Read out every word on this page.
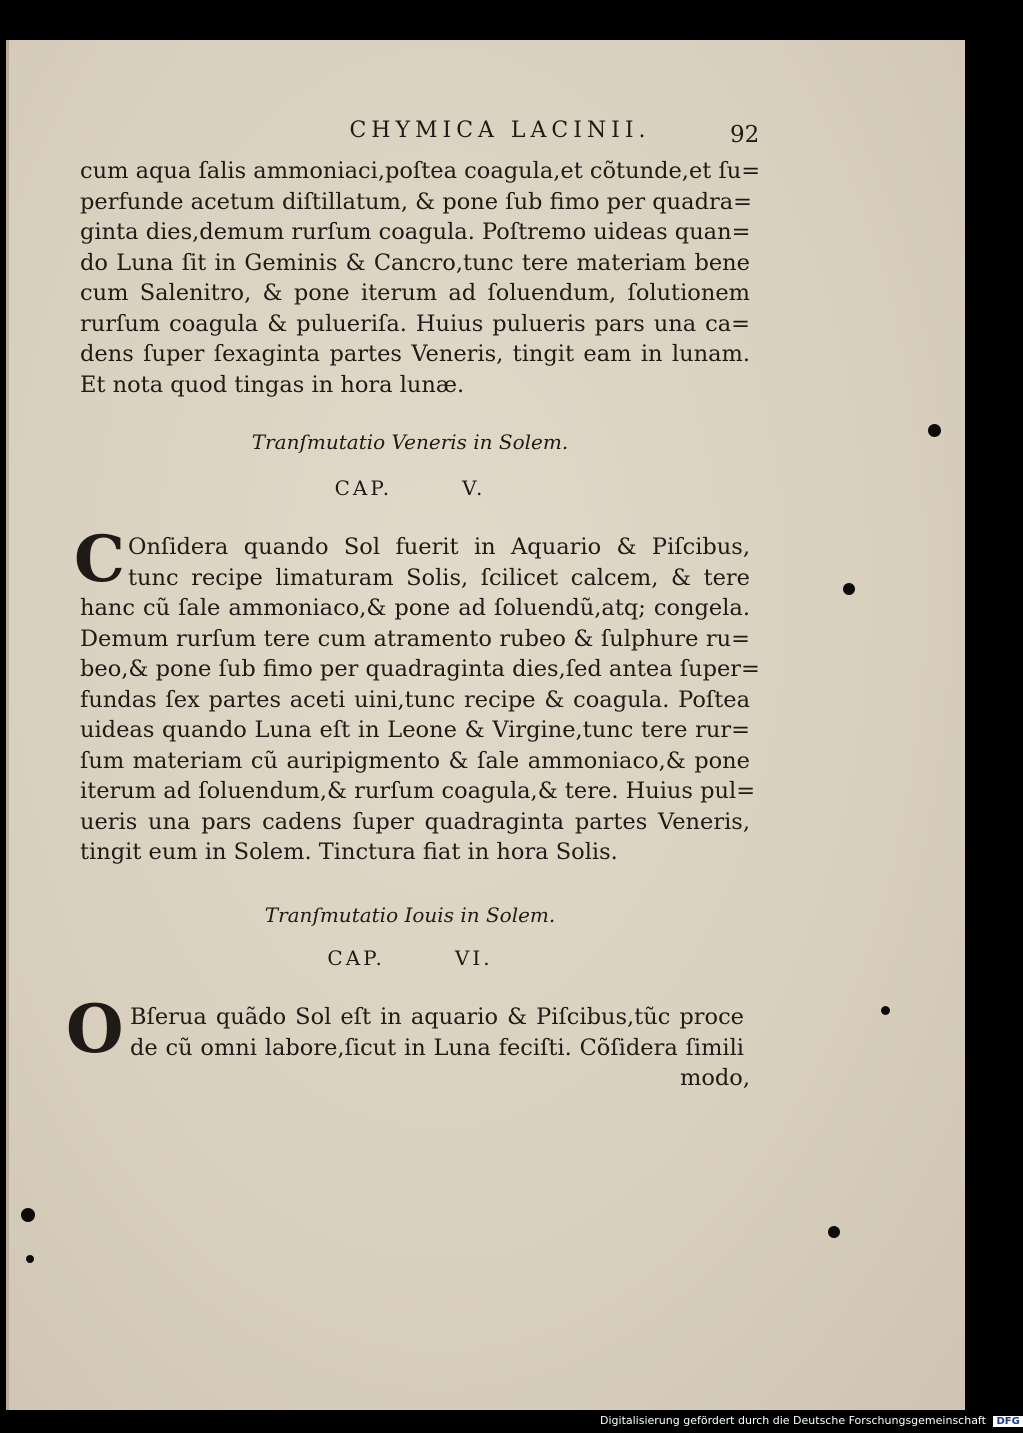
CHYMICA LACINII.	92
cum aqua ſalis ammoniaci,poſtea coagula,et cõtunde,et ſu=
perfunde acetum diſtillatum, & pone ſub fimo per quadra=
ginta dies,demum rurſum coagula. Poſtremo uideas quan=
do Luna ſit in Geminis & Cancro,tunc tere materiam bene
cum Salenitro, & pone iterum ad ſoluendum, ſolutionem
rurſum coagula & pulueriſa. Huius pulueris pars una ca=
dens ſuper ſexaginta partes Veneris, tingit eam in lunam.
Et nota quod tingas in hora lunæ.
Tranſmutatio Veneris in Solem.
CAP.	V.
C Onſidera quando Sol fuerit in Aquario & Piſcibus,
tunc recipe limaturam Solis, ſcilicet calcem, & tere
hanc cũ ſale ammoniaco,& pone ad ſoluendũ,atq; congela.
Demum rurſum tere cum atramento rubeo & ſulphure ru=
beo,& pone ſub fimo per quadraginta dies,ſed antea ſuper=
fundas ſex partes aceti uini,tunc recipe & coagula. Poſtea
uideas quando Luna eſt in Leone & Virgine,tunc tere rur=
ſum materiam cũ auripigmento & ſale ammoniaco,& pone
iterum ad ſoluendum,& rurſum coagula,& tere. Huius pul=
ueris una pars cadens ſuper quadraginta partes Veneris,
tingit eum in Solem. Tinctura fiat in hora Solis.
Tranſmutatio Iouis in Solem.
CAP.	VI.
O Bſerua quãdo Sol eſt in aquario & Piſcibus,tũc proce
de cũ omni labore,ſicut in Luna feciſti. Cõſidera ſimili
modo,
Digitalisierung gefördert durch die Deutsche Forschungsgemeinschaft DFG
